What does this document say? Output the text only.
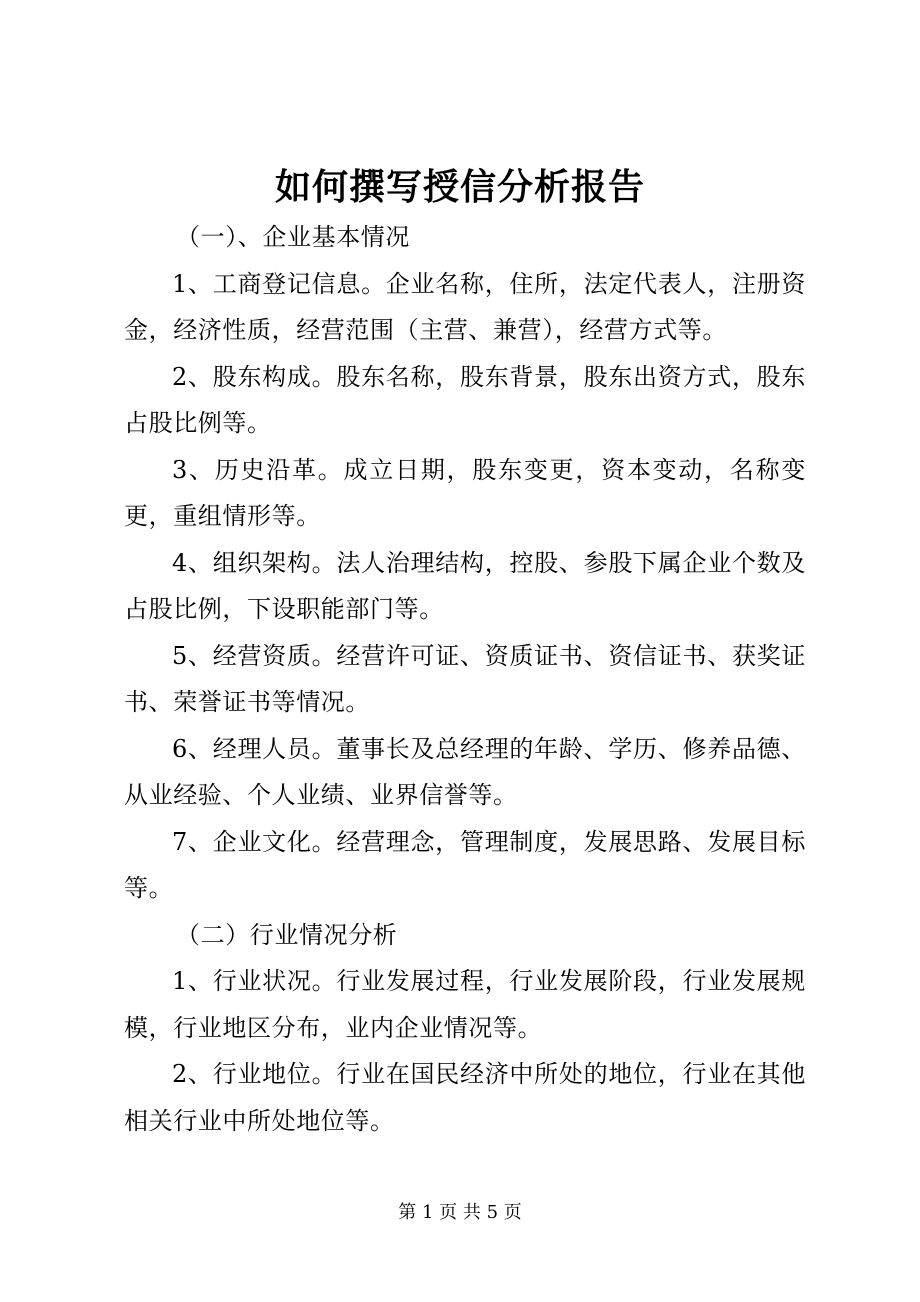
如何撰写授信分析报告

（一）、企业基本情况

1、工商登记信息。企业名称，住所，法定代表人，注册资金，经济性质，经营范围（主营、兼营），经营方式等。

2、股东构成。股东名称，股东背景，股东出资方式，股东占股比例等。

3、历史沿革。成立日期，股东变更，资本变动，名称变更，重组情形等。

4、组织架构。法人治理结构，控股、参股下属企业个数及占股比例，下设职能部门等。

5、经营资质。经营许可证、资质证书、资信证书、获奖证书、荣誉证书等情况。

6、经理人员。董事长及总经理的年龄、学历、修养品德、从业经验、个人业绩、业界信誉等。

7、企业文化。经营理念，管理制度，发展思路、发展目标等。

（二）行业情况分析

1、行业状况。行业发展过程，行业发展阶段，行业发展规模，行业地区分布，业内企业情况等。

2、行业地位。行业在国民经济中所处的地位，行业在其他相关行业中所处地位等。

第 1 页 共 5 页
